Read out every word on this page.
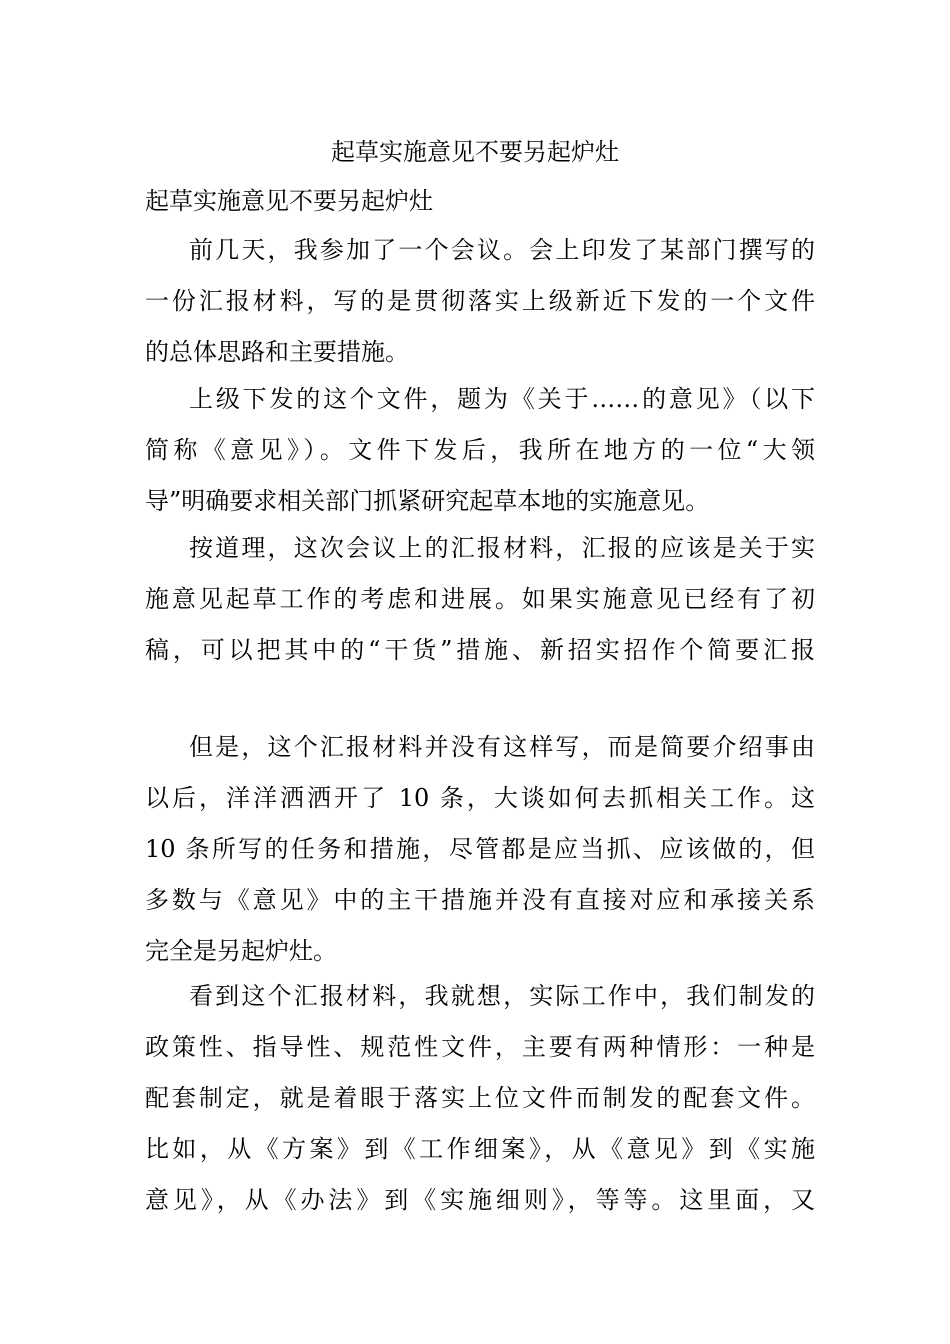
起草实施意见不要另起炉灶
起草实施意见不要另起炉灶
前几天，我参加了一个会议。会上印发了某部门撰写的
一份汇报材料，写的是贯彻落实上级新近下发的一个文件
的总体思路和主要措施。
上级下发的这个文件，题为《关于……的意见》（以下
简称《意见》）。文件下发后，我所在地方的一位“大领
导”明确要求相关部门抓紧研究起草本地的实施意见。
按道理，这次会议上的汇报材料，汇报的应该是关于实
施意见起草工作的考虑和进展。如果实施意见已经有了初
稿，可以把其中的“干货”措施、新招实招作个简要汇报
但是，这个汇报材料并没有这样写，而是简要介绍事由
以后，洋洋洒洒开了 10 条，大谈如何去抓相关工作。这
10 条所写的任务和措施，尽管都是应当抓、应该做的，但
多数与《意见》中的主干措施并没有直接对应和承接关系
完全是另起炉灶。
看到这个汇报材料，我就想，实际工作中，我们制发的
政策性、指导性、规范性文件，主要有两种情形：一种是
配套制定，就是着眼于落实上位文件而制发的配套文件。
比如，从《方案》到《工作细案》，从《意见》到《实施
意见》，从《办法》到《实施细则》，等等。这里面，又
